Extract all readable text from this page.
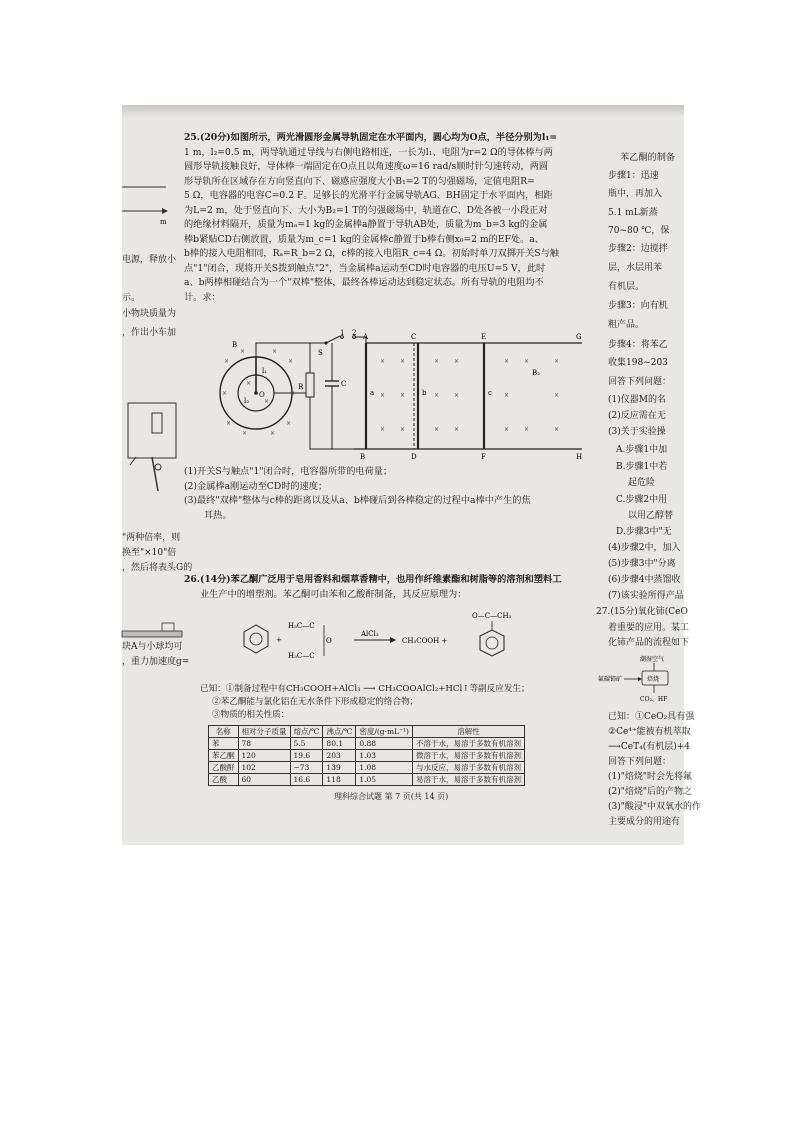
m
电源，释放小
示。
小物块质量为
，作出小车加
"两种倍率，则
换至"×10"倍
，然后将表头G的
块A与小球均可
，重力加速度g=
25.(20分)如图所示，两光滑圆形金属导轨固定在水平面内，圆心均为O点，半径分别为l₁=
1 m，l₂=0.5 m，两导轨通过导线与右侧电路相连，一长为l₁、电阻为r=2 Ω的导体棒与两
圆形导轨接触良好，导体棒一端固定在O点且以角速度ω=16 rad/s顺时针匀速转动，两圆
形导轨所在区域存在方向竖直向下、磁感应强度大小B₁=2 T的匀强磁场，定值电阻R=
5 Ω，电容器的电容C=0.2 F。足够长的光滑平行金属导轨AG、BH固定于水平面内，相距
为L=2 m，处于竖直向下、大小为B₂=1 T的匀强磁场中，轨道在C、D处各被一小段正对
的绝缘材料隔开，质量为mₐ=1 kg的金属棒a静置于导轨AB处，质量为m_b=3 kg的金属
棒b紧贴CD右侧放置，质量为m_c=1 kg的金属棒c静置于b棒右侧x₀=2 m的EF处。a、
b棒的接入电阻相同，Rₐ=R_b=2 Ω，c棒的接入电阻R_c=4 Ω。初始时单刀双掷开关S与触
点"1"闭合，现将开关S拨到触点"2"，当金属棒a运动至CD时电容器的电压U=5 V，此时
a、b两棒相碰结合为一个"双棒"整体，最终各棒运动达到稳定状态。所有导轨的电阻均不
计。求：
×
×	×
×
×	×
×
×	×
×
×
×
B
O
l₁
l₂
R	C
S
1 2 A
B
C
D
a	b
E
F
c
G
H
B₂
× ×	× ×	× ×	×
× ×	× ×	×	×
× ×	× ×	× ×	×
(1)开关S与触点"1"闭合时，电容器所带的电荷量；
(2)金属棒a刚运动至CD时的速度；
(3)最终"双棒"整体与c棒的距离以及从a、b棒碰后到各棒稳定的过程中a棒中产生的焦
耳热。
26.(14分)苯乙酮广泛用于皂用香料和烟草香精中，也用作纤维素酯和树脂等的溶剂和塑料工
业生产中的增塑剂。苯乙酮可由苯和乙酸酐制备，其反应原理为：
+
H₃C—C
H₃C—C
O
AlCl₃
CH₃COOH +
O—C—CH₃
已知：①制备过程中有CH₃COOH+AlCl₃ ⟶ CH₃COOAlCl₂+HCl↑等副反应发生；
②苯乙酮能与氯化铝在无水条件下形成稳定的络合物；
③物质的相关性质：
名称	相对分子质量	熔点/℃	沸点/℃	密度/(g·mL⁻¹)	溶解性
苯	78	5.5	80.1	0.88	不溶于水，易溶于多数有机溶剂
苯乙酮	120	19.6	203	1.03	微溶于水，易溶于多数有机溶剂
乙酸酐	102	−73	139	1.08	与水反应，易溶于多数有机溶剂
乙酸	60	16.6	118	1.05	易溶于水，易溶于多数有机溶剂
理科综合试题 第 7 页(共 14 页)
苯乙酮的制备
步骤1：迅速
瓶中，再加入
5.1 mL新蒸
70~80 ℃，保
步骤2：边搅拌
层，水层用苯
有机层。
步骤3：向有机
粗产品。
步骤4：将苯乙
收集198~203
回答下列问题：
(1)仪器M的名
(2)反应需在无
(3)关于实验操
A.步骤1中加
B.步骤1中若
起危险
C.步骤2中用
以用乙醇替
D.步骤3中"无
(4)步骤2中，加入
(5)步骤3中"分离
(6)步骤4中蒸馏收
(7)该实验所得产品
27.(15分)氧化铈(CeO
着重要的应用。某工
化铈产品的流程如下
潮湿空气
氟碳铈矿	焙烧
CO₂、HF
已知：①CeO₂具有强
②Ce⁴⁺能被有机萃取
⟶CeT₄(有机层)+4
回答下列问题：
(1)"焙烧"时会先将氟
(2)"焙烧"后的产物之
(3)"酸浸"中双氧水的作
主要成分的用途有
